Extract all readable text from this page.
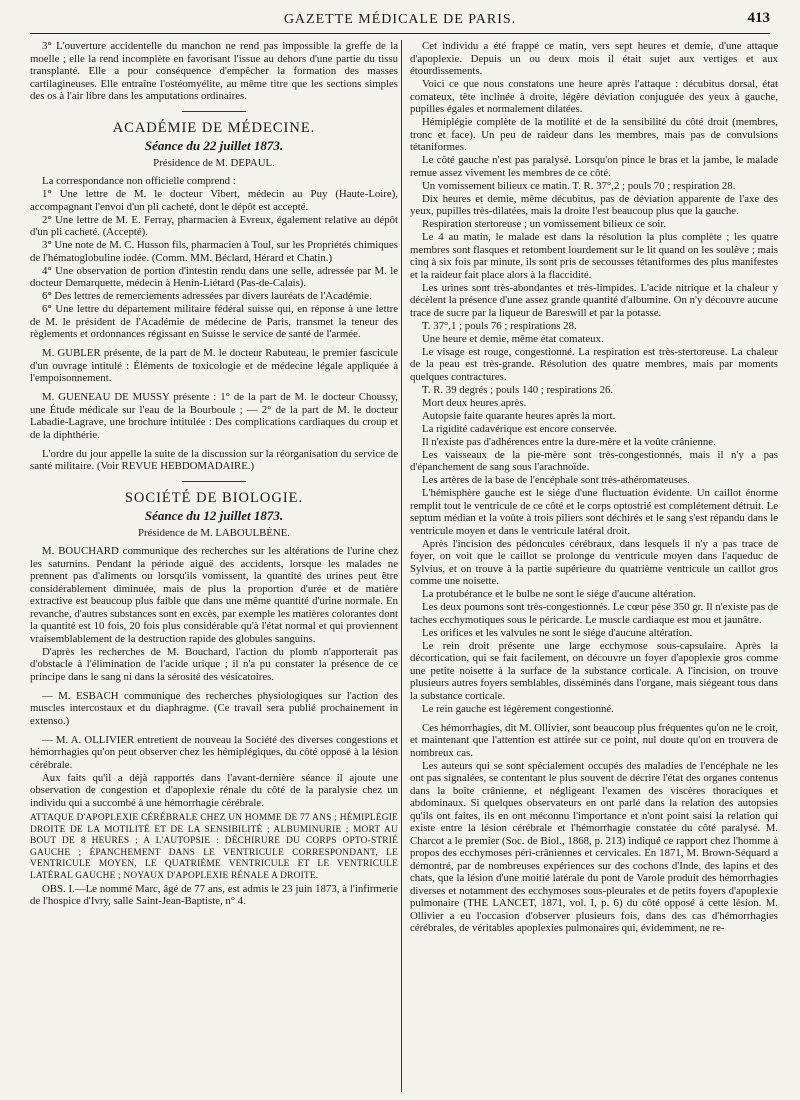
GAZETTE MÉDICALE DE PARIS.	413

3° L'ouverture accidentelle du manchon ne rend pas impossible la greffe de la moelle ; elle la rend incomplète en favorisant l'issue au dehors d'une partie du tissu transplanté. Elle a pour conséquence d'empêcher la formation des masses cartilagineuses. Elle entraîne l'ostéomyélite, au même titre que les sections simples des os à l'air libre dans les amputations ordinaires.

ACADÉMIE DE MÉDECINE.
Séance du 22 juillet 1873.
Présidence de M. DEPAUL.

La correspondance non officielle comprend :

1° Une lettre de M. le docteur Vibert, médecin au Puy (Haute-Loire), accompagnant l'envoi d'un pli cacheté, dont le dépôt est accepté.

2° Une lettre de M. E. Ferray, pharmacien à Evreux, également relative au dépôt d'un pli cacheté. (Accepté).

3° Une note de M. C. Husson fils, pharmacien à Toul, sur les Propriétés chimiques de l'hématoglobuline iodée. (Comm. MM. Béclard, Hérard et Chatin.)

4° Une observation de portion d'intestin rendu dans une selle, adressée par M. le docteur Demarquette, médecin à Henin-Liétard (Pas-de-Calais).

6° Des lettres de remerciements adressées par divers lauréats de l'Académie.

6° Une lettre du département militaire fédéral suisse qui, en réponse à une lettre de M. le président de l'Académie de médecine de Paris, transmet la teneur des règlements et ordonnances régissant en Suisse le service de santé de l'armée.

M. GUBLER présente, de la part de M. le docteur Rabuteau, le premier fascicule d'un ouvrage intitulé : Éléments de toxicologie et de médecine légale appliquée à l'empoisonnement.

M. GUENEAU DE MUSSY présente : 1° de la part de M. le docteur Choussy, une Étude médicale sur l'eau de la Bourboule ; — 2° de la part de M. le docteur Labadie-Lagrave, une brochure intitulée : Des complications cardiaques du croup et de la diphthérie.

L'ordre du jour appelle la suite de la discussion sur la réorganisation du service de santé militaire. (Voir REVUE HEBDOMADAIRE.)

SOCIÉTÉ DE BIOLOGIE.
Séance du 12 juillet 1873.
Présidence de M. LABOULBÈNE.

M. BOUCHARD communique des recherches sur les altérations de l'urine chez les saturnins. Pendant la période aiguë des accidents, lorsque les malades ne prennent pas d'aliments ou lorsqu'ils vomissent, la quantité des urines peut être considérablement diminuée, mais de plus la proportion d'urée et de matière extractive est beaucoup plus faible que dans une même quantité d'urine normale. En revanche, d'autres substances sont en excès, par exemple les matières colorantes dont la quantité est 10 fois, 20 fois plus considérable qu'à l'état normal et qui proviennent vraisemblablement de la destruction rapide des globules sanguins.

D'après les recherches de M. Bouchard, l'action du plomb n'apporterait pas d'obstacle à l'élimination de l'acide urique ; il n'a pu constater la présence de ce principe dans le sang ni dans la sérosité des vésicatoires.

— M. ESBACH communique des recherches physiologiques sur l'action des muscles intercostaux et du diaphragme. (Ce travail sera publié prochainement in extenso.)

— M. A. OLLIVIER entretient de nouveau la Société des diverses congestions et hémorrhagies qu'on peut observer chez les hémiplégiques, du côté opposé à la lésion cérébrale.

Aux faits qu'il a déjà rapportés dans l'avant-dernière séance il ajoute une observation de congestion et d'apoplexie rénale du côté de la paralysie chez un individu qui a succombé à une hémorrhagie cérébrale.

ATTAQUE D'APOPLEXIE CÉRÉBRALE CHEZ UN HOMME DE 77 ANS ; HÉMIPLÉGIE DROITE DE LA MOTILITÉ ET DE LA SENSIBILITÉ ; ALBUMINURIE ; MORT AU BOUT DE 8 HEURES ; A L'AUTOPSIE : DÉCHIRURE DU CORPS OPTO-STRIÉ GAUCHE ; ÉPANCHEMENT DANS LE VENTRICULE CORRESPONDANT, LE VENTRICULE MOYEN, LE QUATRIÈME VENTRICULE ET LE VENTRICULE LATÉRAL GAUCHE ; NOYAUX D'APOPLEXIE RÉNALE A DROITE.

OBS. I.—Le nommé Marc, âgé de 77 ans, est admis le 23 juin 1873, à l'infirmerie de l'hospice d'Ivry, salle Saint-Jean-Baptiste, n° 4.

Cet individu a été frappé ce matin, vers sept heures et demie, d'une attaque d'apoplexie. Depuis un ou deux mois il était sujet aux vertiges et aux étourdissements.

Voici ce que nous constatons une heure après l'attaque : décubitus dorsal, état comateux, tête inclinée à droite, légère déviation conjuguée des yeux à gauche, pupilles égales et normalement dilatées.

Hémiplégie complète de la motilité et de la sensibilité du côté droit (membres, tronc et face). Un peu de raideur dans les membres, mais pas de convulsions tétaniformes.

Le côté gauche n'est pas paralysé. Lorsqu'on pince le bras et la jambe, le malade remue assez vivement les membres de ce côté.

Un vomissement bilieux ce matin. T. R. 37°,2 ; pouls 70 ; respiration 28.

Dix heures et demie, même décubitus, pas de déviation apparente de l'axe des yeux, pupilles très-dilatées, mais la droite l'est beaucoup plus que la gauche.

Respiration stertoreuse ; un vomissement bilieux ce soir.

Le 4 au matin, le malade est dans la résolution la plus complète ; les quatre membres sont flasques et retombent lourdement sur le lit quand on les soulève ; mais cinq à six fois par minute, ils sont pris de secousses tétaniformes des plus manifestes et la raideur fait place alors à la flaccidité.

Les urines sont très-abondantes et très-limpides. L'acide nitrique et la chaleur y décèlent la présence d'une assez grande quantité d'albumine. On n'y découvre aucune trace de sucre par la liqueur de Bareswill et par la potasse.

T. 37°,1 ; pouls 76 ; respirations 28.

Une heure et demie, même état comateux.

Le visage est rouge, congestionné. La respiration est très-stertoreuse. La chaleur de la peau est très-grande. Résolution des quatre membres, mais par moments quelques contractures.

T. R. 39 degrés ; pouls 140 ; respirations 26.

Mort deux heures après.

Autopsie faite quarante heures après la mort.

La rigidité cadavérique est encore conservée.

Il n'existe pas d'adhérences entre la dure-mère et la voûte crânienne.

Les vaisseaux de la pie-mère sont très-congestionnés, mais il n'y a pas d'épanchement de sang sous l'arachnoïde.

Les artères de la base de l'encéphale sont très-athéromateuses.

L'hémisphère gauche est le siége d'une fluctuation évidente. Un caillot énorme remplit tout le ventricule de ce côté et le corps optostrié est complétement détruit. Le septum médian et la voûte à trois piliers sont déchirés et le sang s'est répandu dans le ventricule moyen et dans le ventricule latéral droit.

Après l'incision des pédoncules cérébraux, dans lesquels il n'y a pas trace de foyer, on voit que le caillot se prolonge du ventricule moyen dans l'aqueduc de Sylvius, et on trouve à la partie supérieure du quatrième ventricule un caillot gros comme une noisette.

La protubérance et le bulbe ne sont le siége d'aucune altération.

Les deux poumons sont très-congestionnés. Le cœur pèse 350 gr. Il n'existe pas de taches ecchymotiques sous le péricarde. Le muscle cardiaque est mou et jaunâtre.

Les orifices et les valvules ne sont le siége d'aucune altération.

Le rein droit présente une large ecchymose sous-capsulaire. Après la décortication, qui se fait facilement, on découvre un foyer d'apoplexie gros comme une petite noisette à la surface de la substance corticale. A l'incision, on trouve plusieurs autres foyers semblables, disséminés dans l'organe, mais siégeant tous dans la substance corticale.

Le rein gauche est légèrement congestionné.

Ces hémorrhagies, dit M. Ollivier, sont beaucoup plus fréquentes qu'on ne le croit, et maintenant que l'attention est attirée sur ce point, nul doute qu'on en trouvera de nombreux cas.

Les auteurs qui se sont spécialement occupés des maladies de l'encéphale ne les ont pas signalées, se contentant le plus souvent de décrire l'état des organes contenus dans la boîte crânienne, et négligeant l'examen des viscères thoraciques et abdominaux. Si quelques observateurs en ont parlé dans la relation des autopsies qu'ils ont faites, ils en ont méconnu l'importance et n'ont point saisi la relation qui existe entre la lésion cérébrale et l'hémorrhagie constatée du côté paralysé. M. Charcot a le premier (Soc. de Biol., 1868, p. 213) indiqué ce rapport chez l'homme à propos des ecchymoses péri-crâniennes et cervicales. En 1871, M. Brown-Séquard a démontré, par de nombreuses expériences sur des cochons d'Inde, des lapins et des chats, que la lésion d'une moitié latérale du pont de Varole produit des hémorrhagies diverses et notamment des ecchymoses sous-pleurales et de petits foyers d'apoplexie pulmonaire (THE LANCET, 1871, vol. I, p. 6) du côté opposé à cette lésion. M. Ollivier a eu l'occasion d'observer plusieurs fois, dans des cas d'hémorrhagies cérébrales, de véritables apoplexies pulmonaires qui, évidemment, ne re-
